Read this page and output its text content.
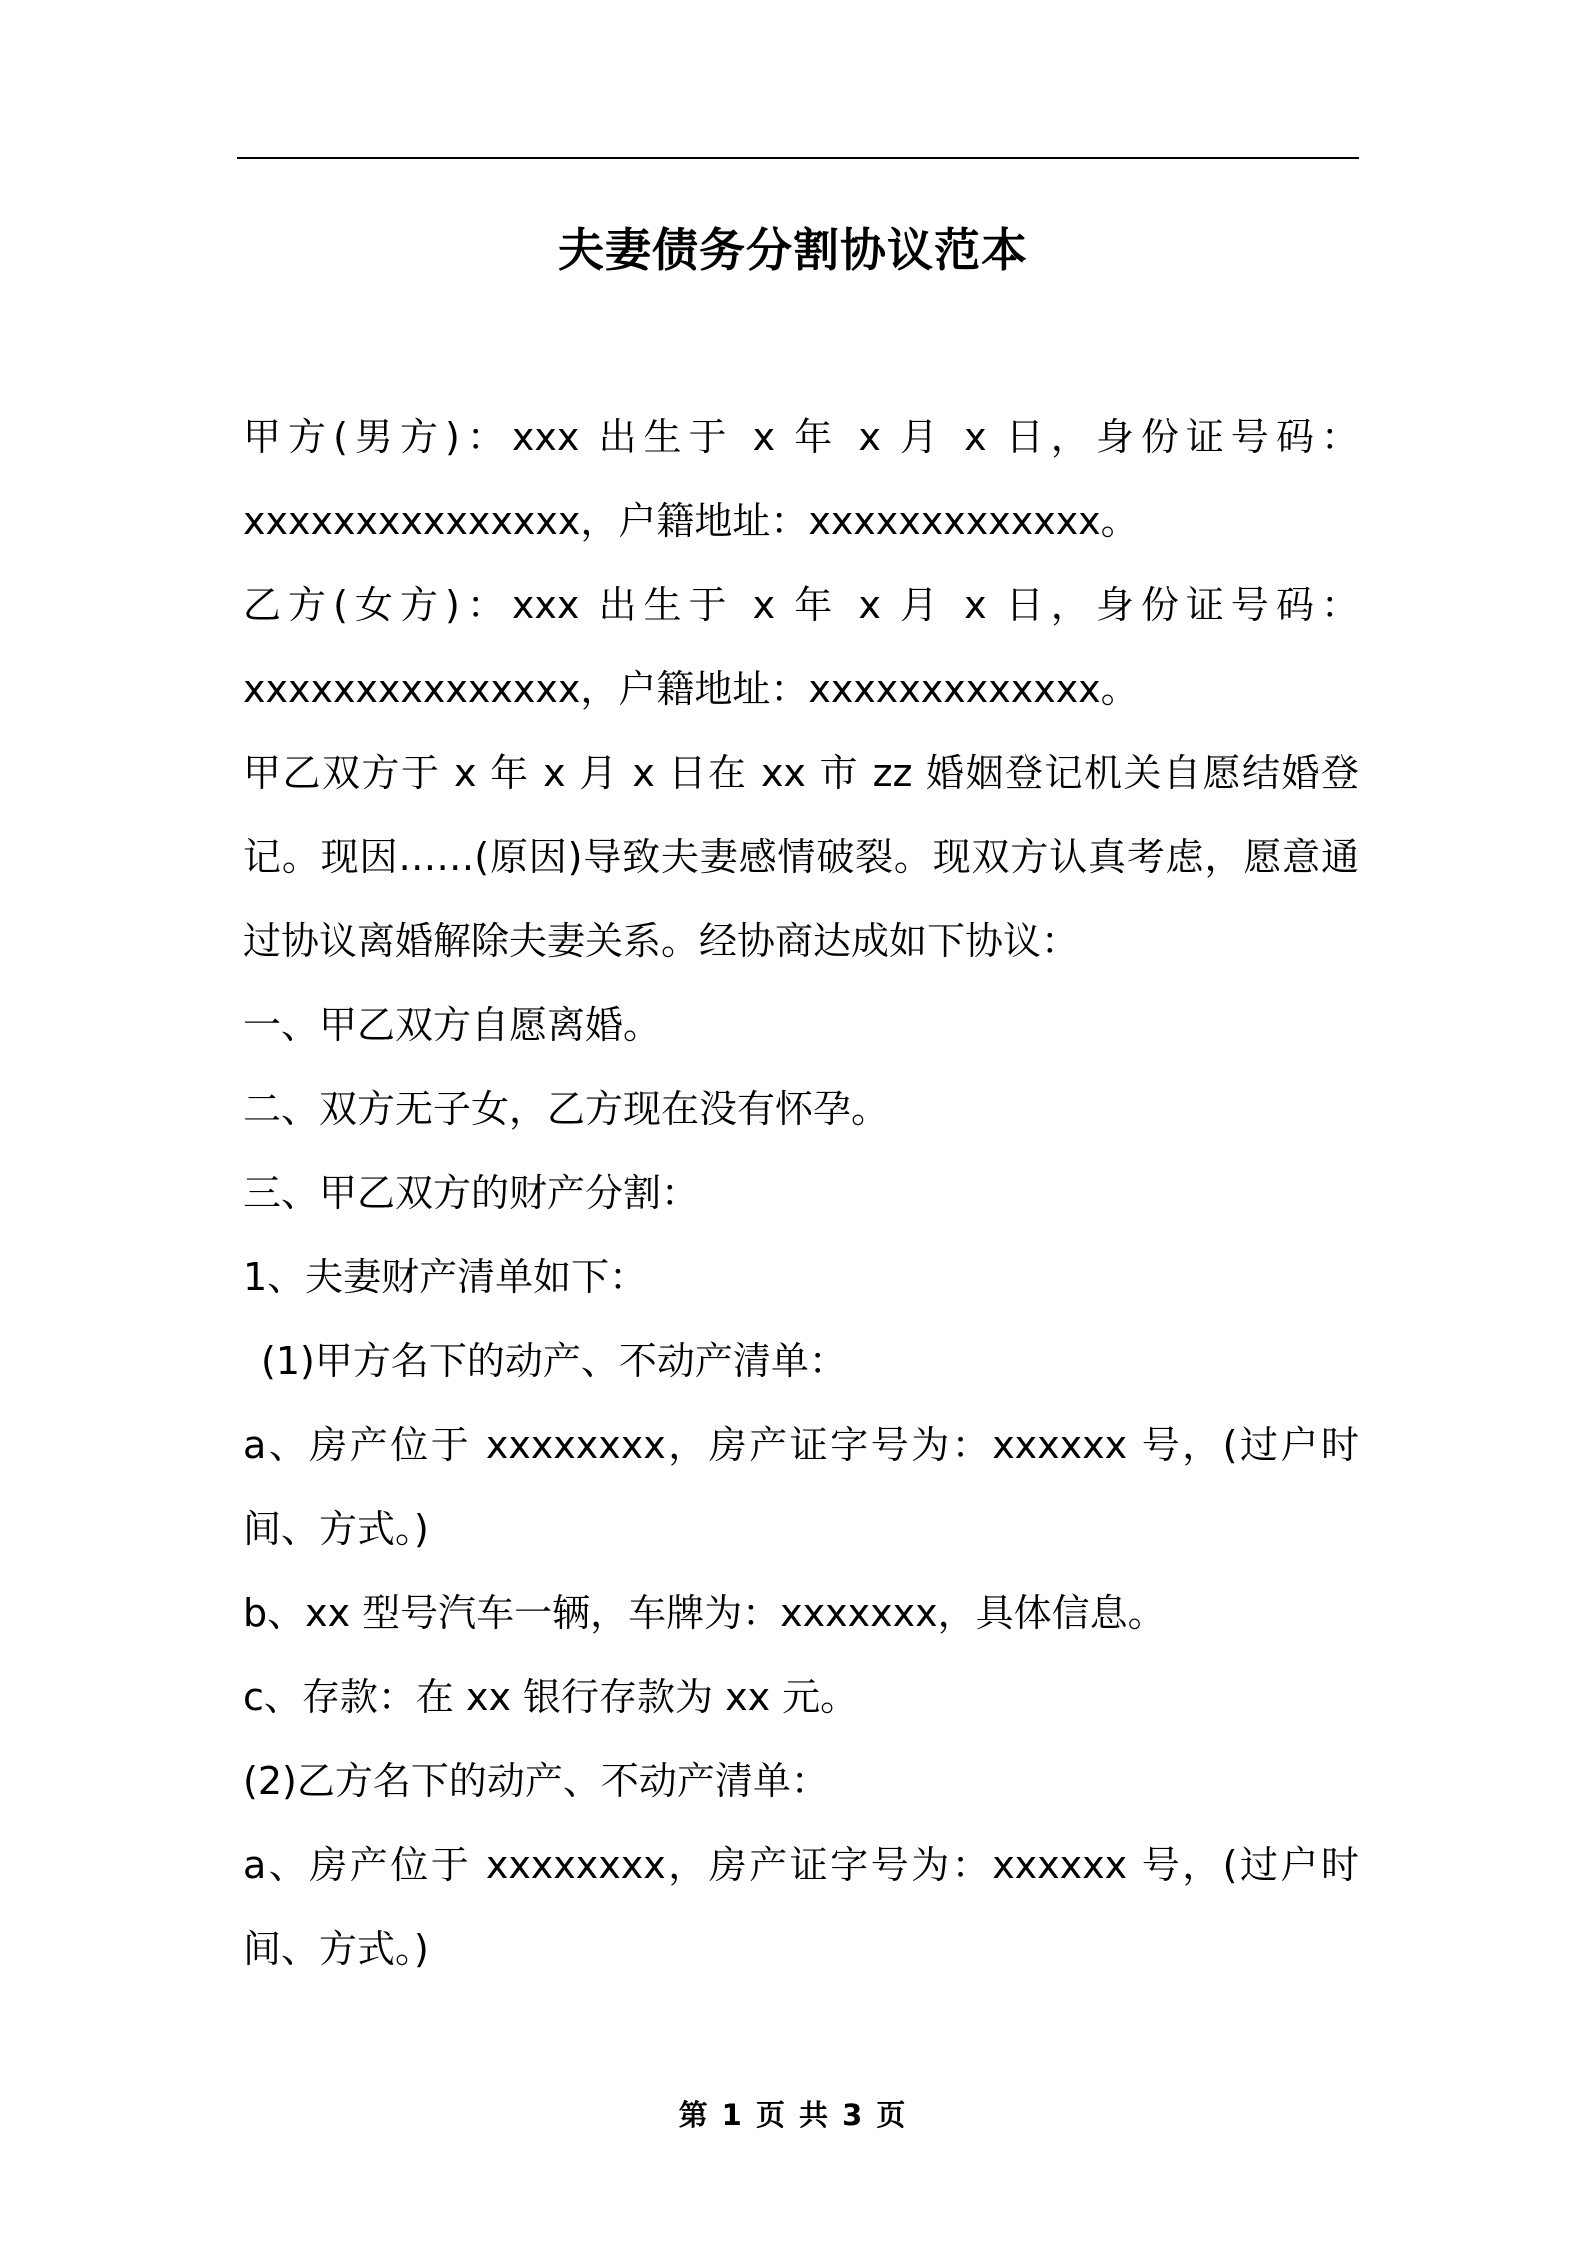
夫妻债务分割协议范本

甲方(男方)：xxx 出生于 x 年 x 月 x 日，身份证号码：xxxxxxxxxxxxxxx，户籍地址：xxxxxxxxxxxxx。

乙方(女方)：xxx 出生于 x 年 x 月 x 日，身份证号码：xxxxxxxxxxxxxxx，户籍地址：xxxxxxxxxxxxx。

甲乙双方于 x 年 x 月 x 日在 xx 市 zz 婚姻登记机关自愿结婚登记。现因……(原因)导致夫妻感情破裂。现双方认真考虑，愿意通过协议离婚解除夫妻关系。经协商达成如下协议：

一、甲乙双方自愿离婚。

二、双方无子女，乙方现在没有怀孕。

三、甲乙双方的财产分割：

1、夫妻财产清单如下：

(1)甲方名下的动产、不动产清单：

a、房产位于 xxxxxxxx，房产证字号为：xxxxxx 号，(过户时间、方式。)

b、xx 型号汽车一辆，车牌为：xxxxxxx，具体信息。

c、存款：在 xx 银行存款为 xx 元。

(2)乙方名下的动产、不动产清单：

a、房产位于 xxxxxxxx，房产证字号为：xxxxxx 号，(过户时间、方式。)

第 1 页 共 3 页
